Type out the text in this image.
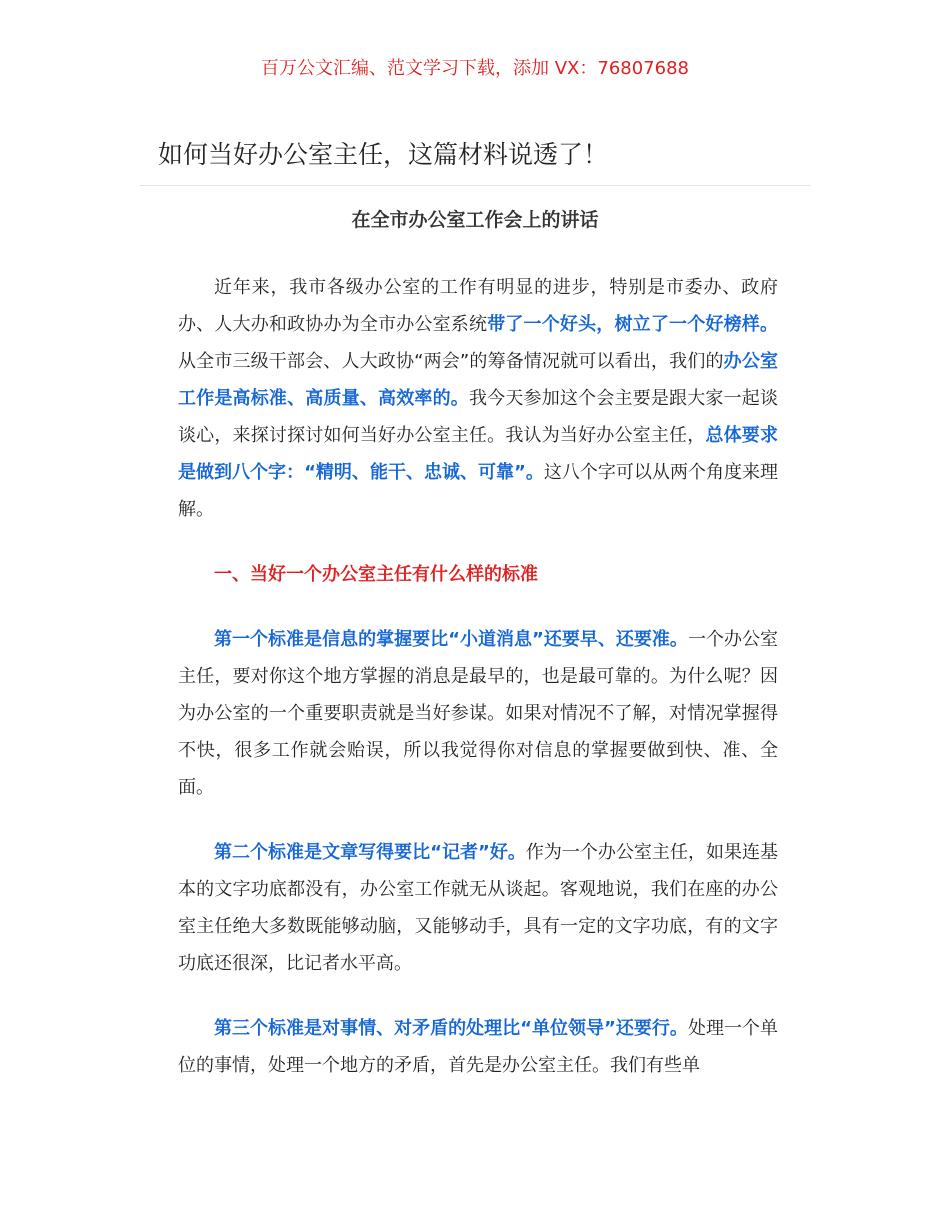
百万公文汇编、范文学习下载，添加 VX：76807688
如何当好办公室主任，这篇材料说透了！
在全市办公室工作会上的讲话

近年来，我市各级办公室的工作有明显的进步，特别是市委办、政府办、人大办和政协办为全市办公室系统带了一个好头，树立了一个好榜样。从全市三级干部会、人大政协“两会”的筹备情况就可以看出，我们的办公室工作是高标准、高质量、高效率的。我今天参加这个会主要是跟大家一起谈谈心，来探讨探讨如何当好办公室主任。我认为当好办公室主任，总体要求是做到八个字：“精明、能干、忠诚、可靠”。这八个字可以从两个角度来理解。

一、当好一个办公室主任有什么样的标准

第一个标准是信息的掌握要比“小道消息”还要早、还要准。一个办公室主任，要对你这个地方掌握的消息是最早的，也是最可靠的。为什么呢？因为办公室的一个重要职责就是当好参谋。如果对情况不了解，对情况掌握得不快，很多工作就会贻误，所以我觉得你对信息的掌握要做到快、准、全面。

第二个标准是文章写得要比“记者”好。作为一个办公室主任，如果连基本的文字功底都没有，办公室工作就无从谈起。客观地说，我们在座的办公室主任绝大多数既能够动脑，又能够动手，具有一定的文字功底，有的文字功底还很深，比记者水平高。

第三个标准是对事情、对矛盾的处理比“单位领导”还要行。处理一个单位的事情，处理一个地方的矛盾，首先是办公室主任。我们有些单
